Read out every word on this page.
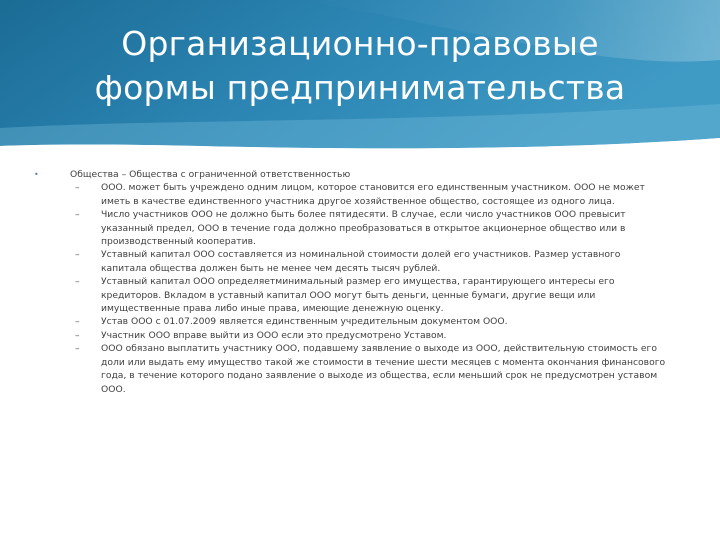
Организационно-правовые
формы предпринимательства
•	Общества – Общества с ограниченной ответственностью
– ООО. может быть учреждено одним лицом, которое становится его единственным участником. ООО не может иметь в качестве единственного участника другое хозяйственное общество, состоящее из одного лица.
– Число участников ООО не должно быть более пятидесяти. В случае, если число участников ООО превысит указанный предел, ООО в течение года должно преобразоваться в открытое акционерное общество или в производственный кооператив.
– Уставный капитал ООО составляется из номинальной стоимости долей его участников. Размер уставного капитала общества должен быть не менее чем десять тысяч рублей.
– Уставный капитал ООО определяетминимальный размер его имущества, гарантирующего интересы его кредиторов. Вкладом в уставный капитал ООО могут быть деньги, ценные бумаги, другие вещи или имущественные права либо иные права, имеющие денежную оценку.
– Устав ООО с 01.07.2009 является единственным учредительным документом ООО.
– Участник ООО вправе выйти из ООО если это предусмотрено Уставом.
– ООО обязано выплатить участнику ООО, подавшему заявление о выходе из ООО, действительную стоимость его доли или выдать ему имущество такой же стоимости в течение шести месяцев с момента окончания финансового года, в течение которого подано заявление о выходе из общества, если меньший срок не предусмотрен уставом ООО.
